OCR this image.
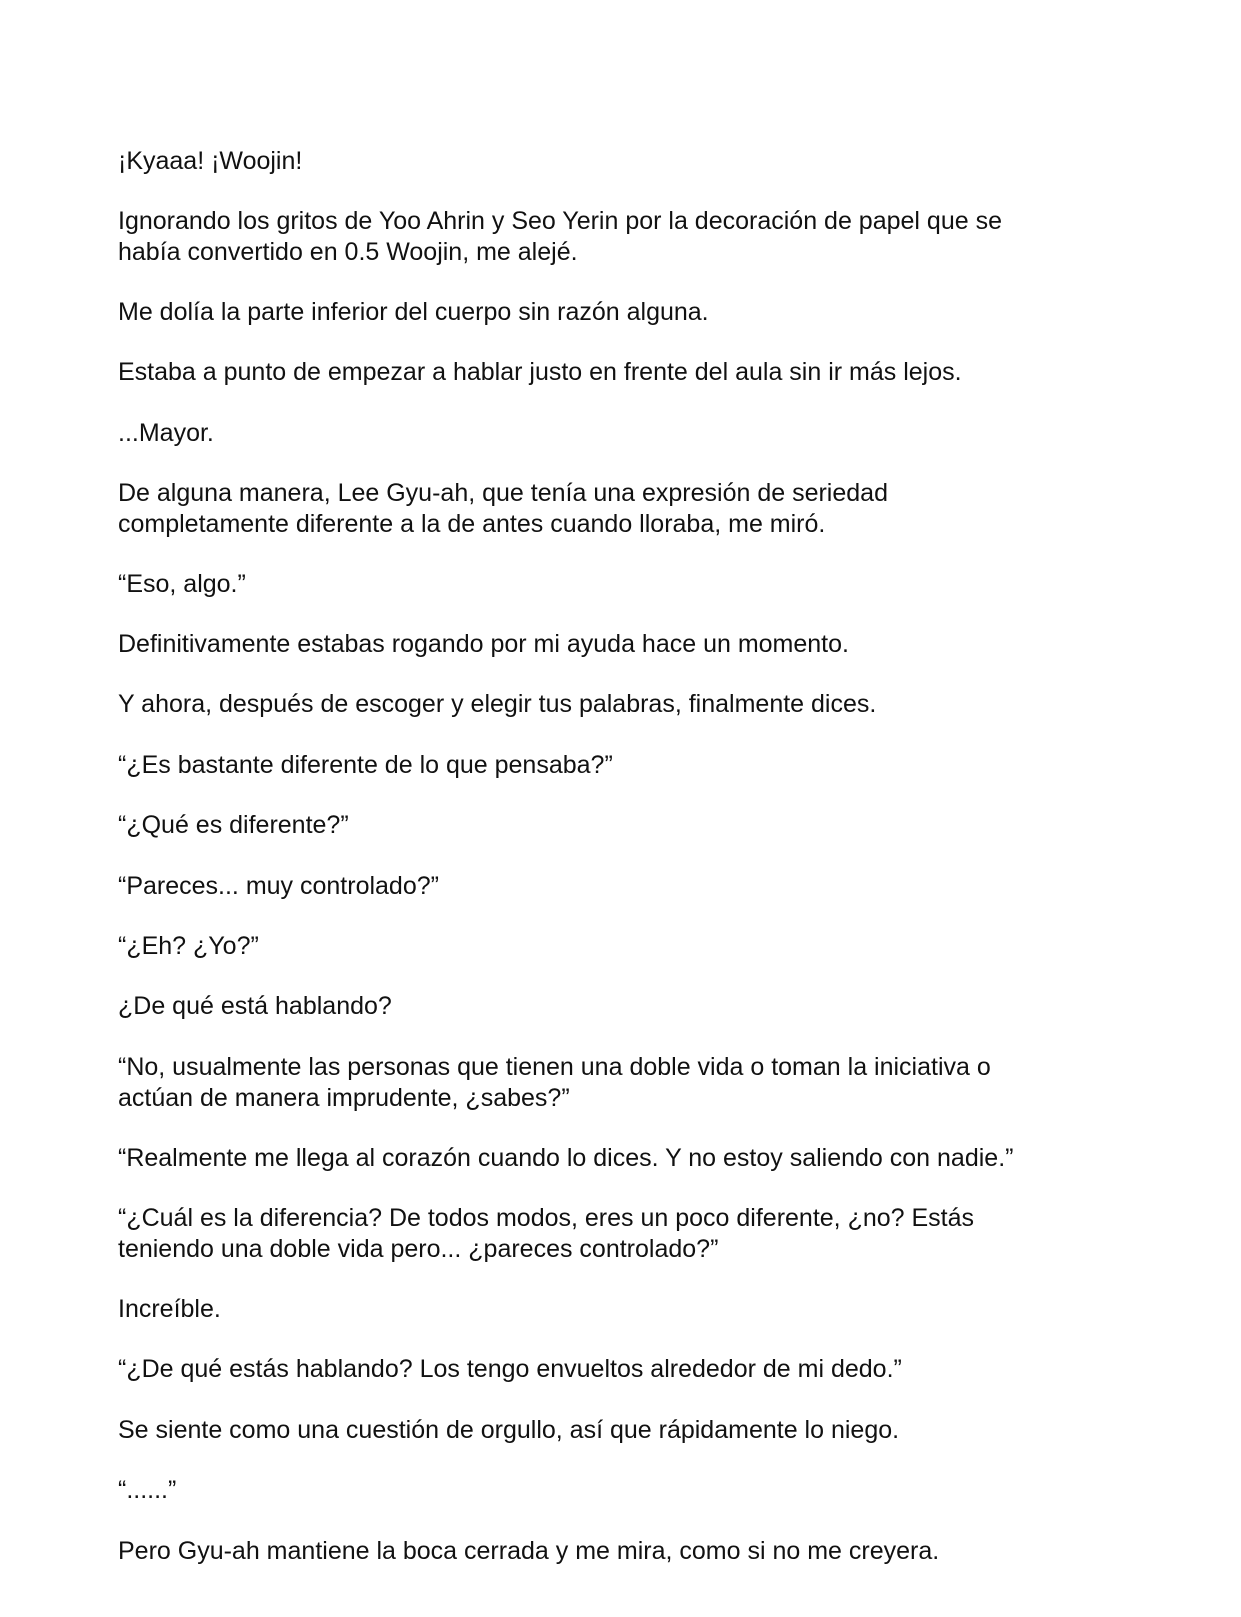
¡Kyaaa! ¡Woojin!

Ignorando los gritos de Yoo Ahrin y Seo Yerin por la decoración de papel que se
había convertido en 0.5 Woojin, me alejé.

Me dolía la parte inferior del cuerpo sin razón alguna.

Estaba a punto de empezar a hablar justo en frente del aula sin ir más lejos.

...Mayor.

De alguna manera, Lee Gyu-ah, que tenía una expresión de seriedad
completamente diferente a la de antes cuando lloraba, me miró.

“Eso, algo.”

Definitivamente estabas rogando por mi ayuda hace un momento.

Y ahora, después de escoger y elegir tus palabras, finalmente dices.

“¿Es bastante diferente de lo que pensaba?”

“¿Qué es diferente?”

“Pareces... muy controlado?”

“¿Eh? ¿Yo?”

¿De qué está hablando?

“No, usualmente las personas que tienen una doble vida o toman la iniciativa o
actúan de manera imprudente, ¿sabes?”

“Realmente me llega al corazón cuando lo dices. Y no estoy saliendo con nadie.”

“¿Cuál es la diferencia? De todos modos, eres un poco diferente, ¿no? Estás
teniendo una doble vida pero... ¿pareces controlado?”

Increíble.

“¿De qué estás hablando? Los tengo envueltos alrededor de mi dedo.”

Se siente como una cuestión de orgullo, así que rápidamente lo niego.

“......”

Pero Gyu-ah mantiene la boca cerrada y me mira, como si no me creyera.
